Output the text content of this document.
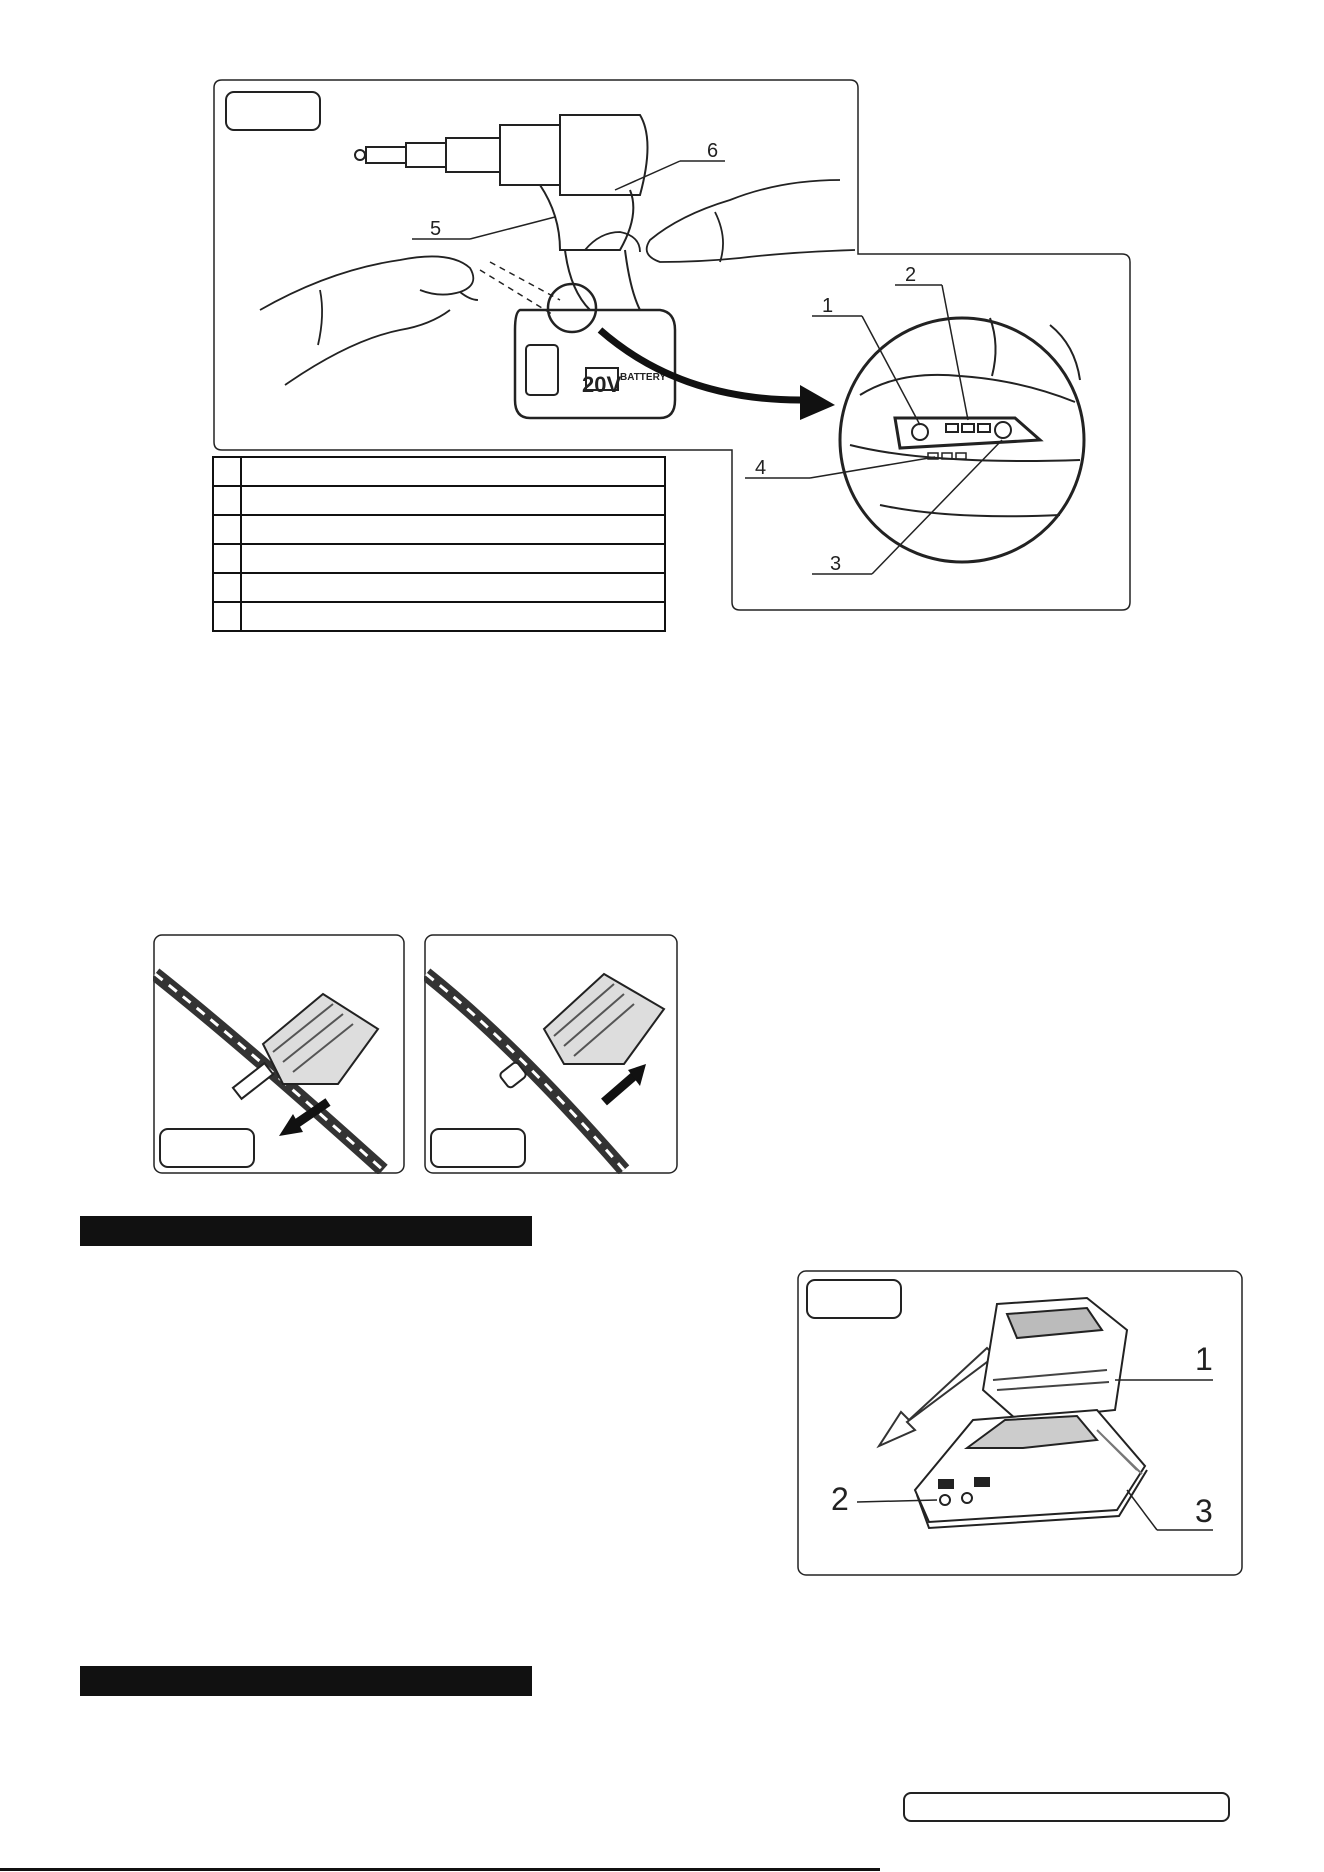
20V
BATTERY
1
2
3
4
5
6

1
2	3
